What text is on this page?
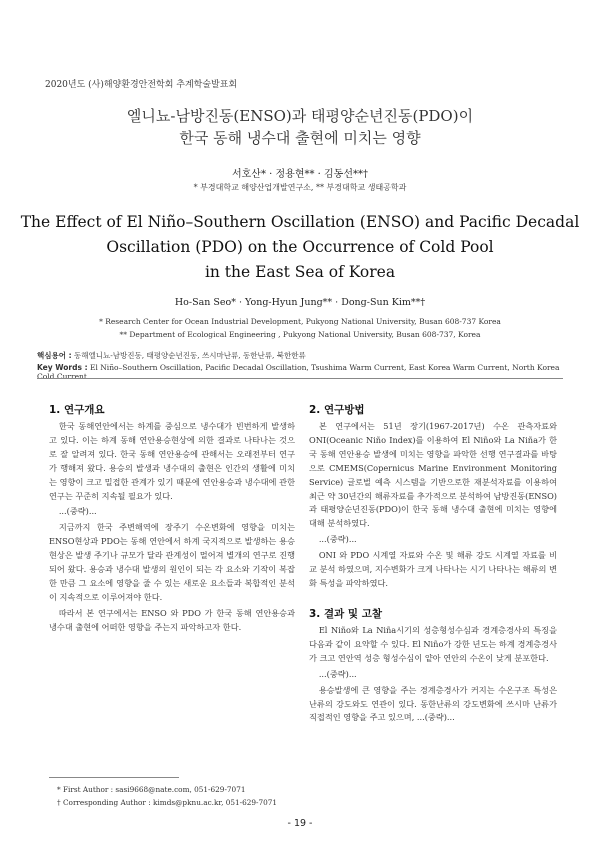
2020년도 (사)해양환경안전학회 추계학술발표회
엘니뇨-남방진동(ENSO)과 태평양순년진동(PDO)이
한국 동해 냉수대 출현에 미치는 영향
서호산* · 정용현** · 김동선**†
* 부경대학교 해양산업개발연구소, ** 부경대학교 생태공학과
The Effect of El Niño–Southern Oscillation (ENSO) and Pacific Decadal
Oscillation (PDO) on the Occurrence of Cold Pool
in the East Sea of Korea
Ho-San Seo* · Yong-Hyun Jung** · Dong-Sun Kim**†
* Research Center for Ocean Industrial Development, Pukyong National University, Busan 608-737 Korea
** Department of Ecological Engineering , Pukyong National University, Busan 608-737, Korea
핵심용어 : 동해엘니뇨-남방진동, 태평양순년진동, 쓰시마난류, 동한난류, 북한한류
Key Words : El Niño–Southern Oscillation, Pacific Decadal Oscillation, Tsushima Warm Current, East Korea Warm Current, North Korea Cold Current
1. 연구개요

한국 동해연안에서는 하계를 중심으로 냉수대가 빈번하게 발생하고 있다. 이는 하계 동해 연안용승현상에 의한 결과로 나타나는 것으로 잘 알려져 있다. 한국 동해 연안용승에 관해서는 오래전부터 연구가 행해져 왔다. 용승의 발생과 냉수대의 출현은 인간의 생활에 미치는 영향이 크고 밀접한 관계가 있기 때문에 연안용승과 냉수대에 관한 연구는 꾸준히 지속될 필요가 있다.

...(중략)...

지금까지 한국 주변해역에 장주기 수온변화에 영향을 미치는 ENSO현상과 PDO는 동해 연안에서 하계 국지적으로 발생하는 용승현상은 발생 주기나 규모가 달라 관계성이 멀어져 별개의 연구로 진행되어 왔다. 용승과 냉수대 발생의 원인이 되는 각 요소와 기작이 복잡한 만큼 그 요소에 영향을 줄 수 있는 새로운 요소들과 복합적인 분석이 지속적으로 이루어져야 한다.

따라서 본 연구에서는 ENSO 와 PDO 가 한국 동해 연안용승과 냉수대 출현에 어떠한 영향을 주는지 파악하고자 한다.

2. 연구방법

본 연구에서는 51년 장기(1967-2017년) 수온 관측자료와 ONI(Oceanic Niño Index)를 이용하여 El Niño와 La Niña가 한국 동해 연안용승 발생에 미치는 영향을 파악한 선행 연구결과를 바탕으로 CMEMS(Copernicus Marine Environment Monitoring Service) 글로벌 예측 시스템을 기반으로한 재분석자료를 이용하여 최근 약 30년간의 해류자료를 추가적으로 분석하여 남방진동(ENSO)과 태평양순년진동(PDO)이 한국 동해 냉수대 출현에 미치는 영향에 대해 분석하였다.

...(중략)...

ONI 와 PDO 시계열 자료와 수온 및 해류 강도 시계열 자료를 비교 분석 하였으며, 지수변화가 크게 나타나는 시기 나타나는 해류의 변화 특성을 파악하였다.

3. 결과 및 고찰

El Niño와 La Niña시기의 성층형성수심과 경계층경사의 특징을 다음과 같이 요약할 수 있다. El Niño가 강한 년도는 하계 경계층경사가 크고 연안역 성층 형성수심이 얕아 연안의 수온이 낮게 분포한다.

...(중략)...

용승발생에 큰 영향을 주는 경계층경사가 커지는 수온구조 특성은 난류의 강도와도 연관이 있다. 동한난류의 강도변화에 쓰시마 난류가 직접적인 영향을 주고 있으며, ...(중략)...

* First Author : sasi9668@nate.com, 051-629-7071
† Corresponding Author : kimds@pknu.ac.kr, 051-629-7071
- 19 -
